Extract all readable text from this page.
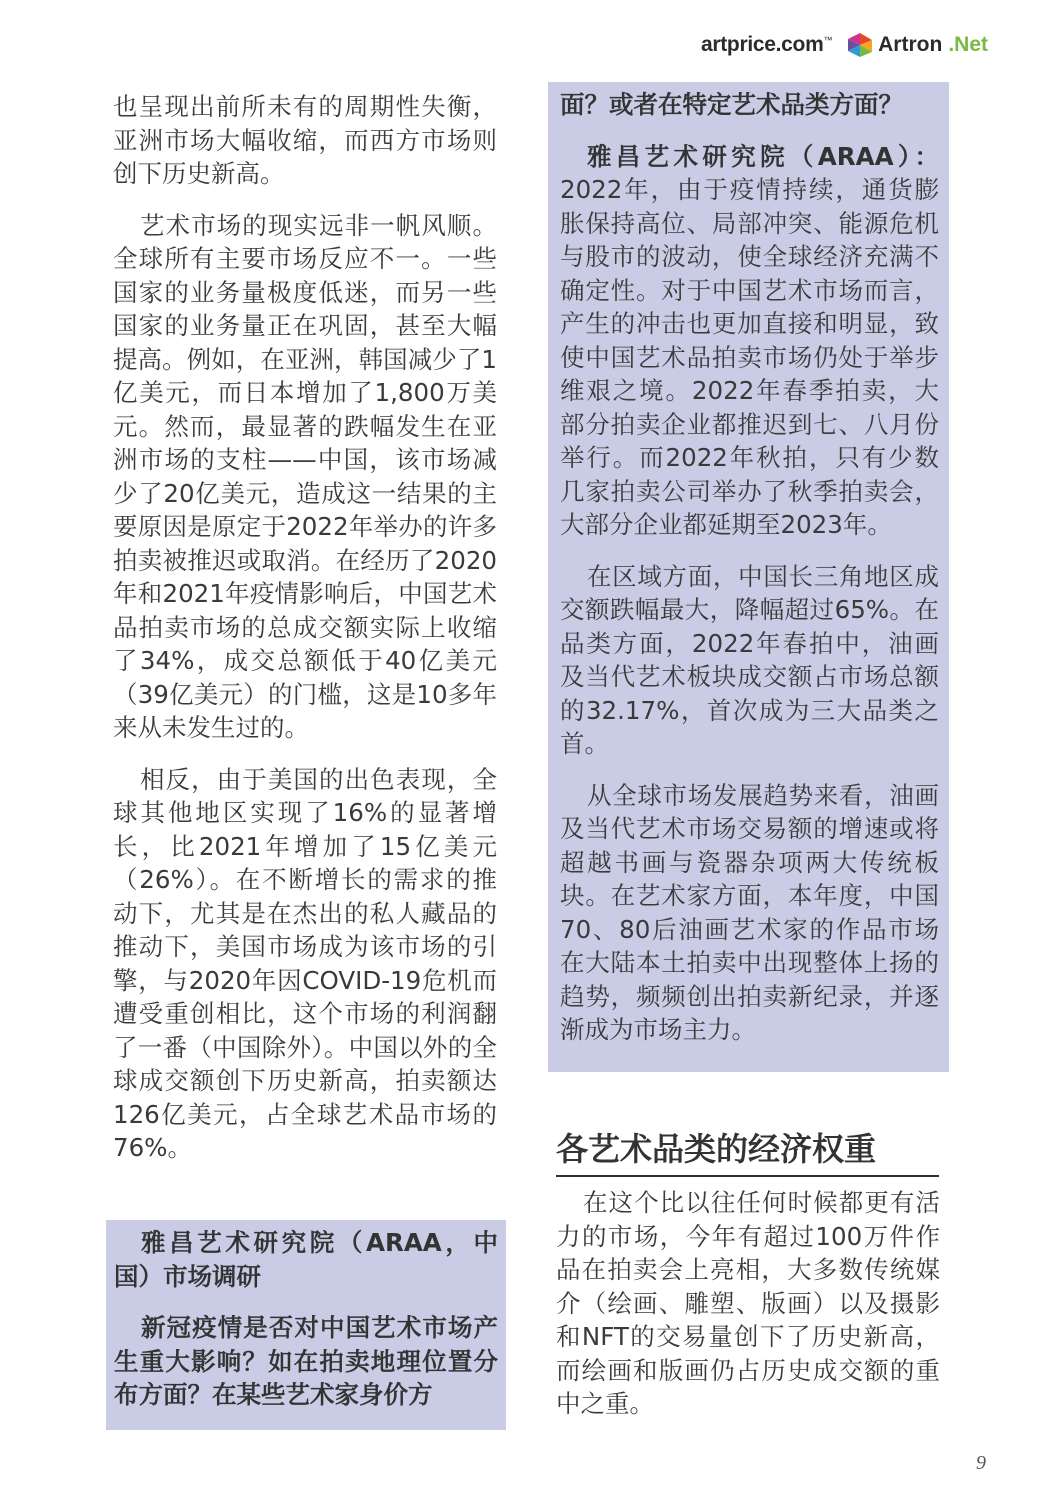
artprice.com™ Artron .Net

也呈现出前所未有的周期性失衡，亚洲市场大幅收缩，而西方市场则创下历史新高。

艺术市场的现实远非一帆风顺。全球所有主要市场反应不一。一些国家的业务量极度低迷，而另一些国家的业务量正在巩固，甚至大幅提高。例如，在亚洲，韩国减少了1亿美元，而日本增加了1,800万美元。然而，最显著的跌幅发生在亚洲市场的支柱——中国，该市场减少了20亿美元，造成这一结果的主要原因是原定于2022年举办的许多拍卖被推迟或取消。在经历了2020年和2021年疫情影响后，中国艺术品拍卖市场的总成交额实际上收缩了34%，成交总额低于40亿美元（39亿美元）的门槛，这是10多年来从未发生过的。

相反，由于美国的出色表现，全球其他地区实现了16%的显著增长，比2021年增加了15亿美元（26%）。在不断增长的需求的推动下，尤其是在杰出的私人藏品的推动下，美国市场成为该市场的引擎，与2020年因COVID-19危机而遭受重创相比，这个市场的利润翻了一番（中国除外）。中国以外的全球成交额创下历史新高，拍卖额达126亿美元，占全球艺术品市场的76%。

雅昌艺术研究院（ARAA，中国）市场调研

新冠疫情是否对中国艺术市场产生重大影响？如在拍卖地理位置分布方面？在某些艺术家身价方

面？或者在特定艺术品类方面？

雅昌艺术研究院（ARAA）：2022年，由于疫情持续，通货膨胀保持高位、局部冲突、能源危机与股市的波动，使全球经济充满不确定性。对于中国艺术市场而言，产生的冲击也更加直接和明显，致使中国艺术品拍卖市场仍处于举步维艰之境。2022年春季拍卖，大部分拍卖企业都推迟到七、八月份举行。而2022年秋拍，只有少数几家拍卖公司举办了秋季拍卖会，大部分企业都延期至2023年。

在区域方面，中国长三角地区成交额跌幅最大，降幅超过65%。在品类方面，2022年春拍中，油画及当代艺术板块成交额占市场总额的32.17%，首次成为三大品类之首。

从全球市场发展趋势来看，油画及当代艺术市场交易额的增速或将超越书画与瓷器杂项两大传统板块。在艺术家方面，本年度，中国70、80后油画艺术家的作品市场在大陆本土拍卖中出现整体上扬的趋势，频频创出拍卖新纪录，并逐渐成为市场主力。

各艺术品类的经济权重

在这个比以往任何时候都更有活力的市场，今年有超过100万件作品在拍卖会上亮相，大多数传统媒介（绘画、雕塑、版画）以及摄影和NFT的交易量创下了历史新高，而绘画和版画仍占历史成交额的重中之重。

9
